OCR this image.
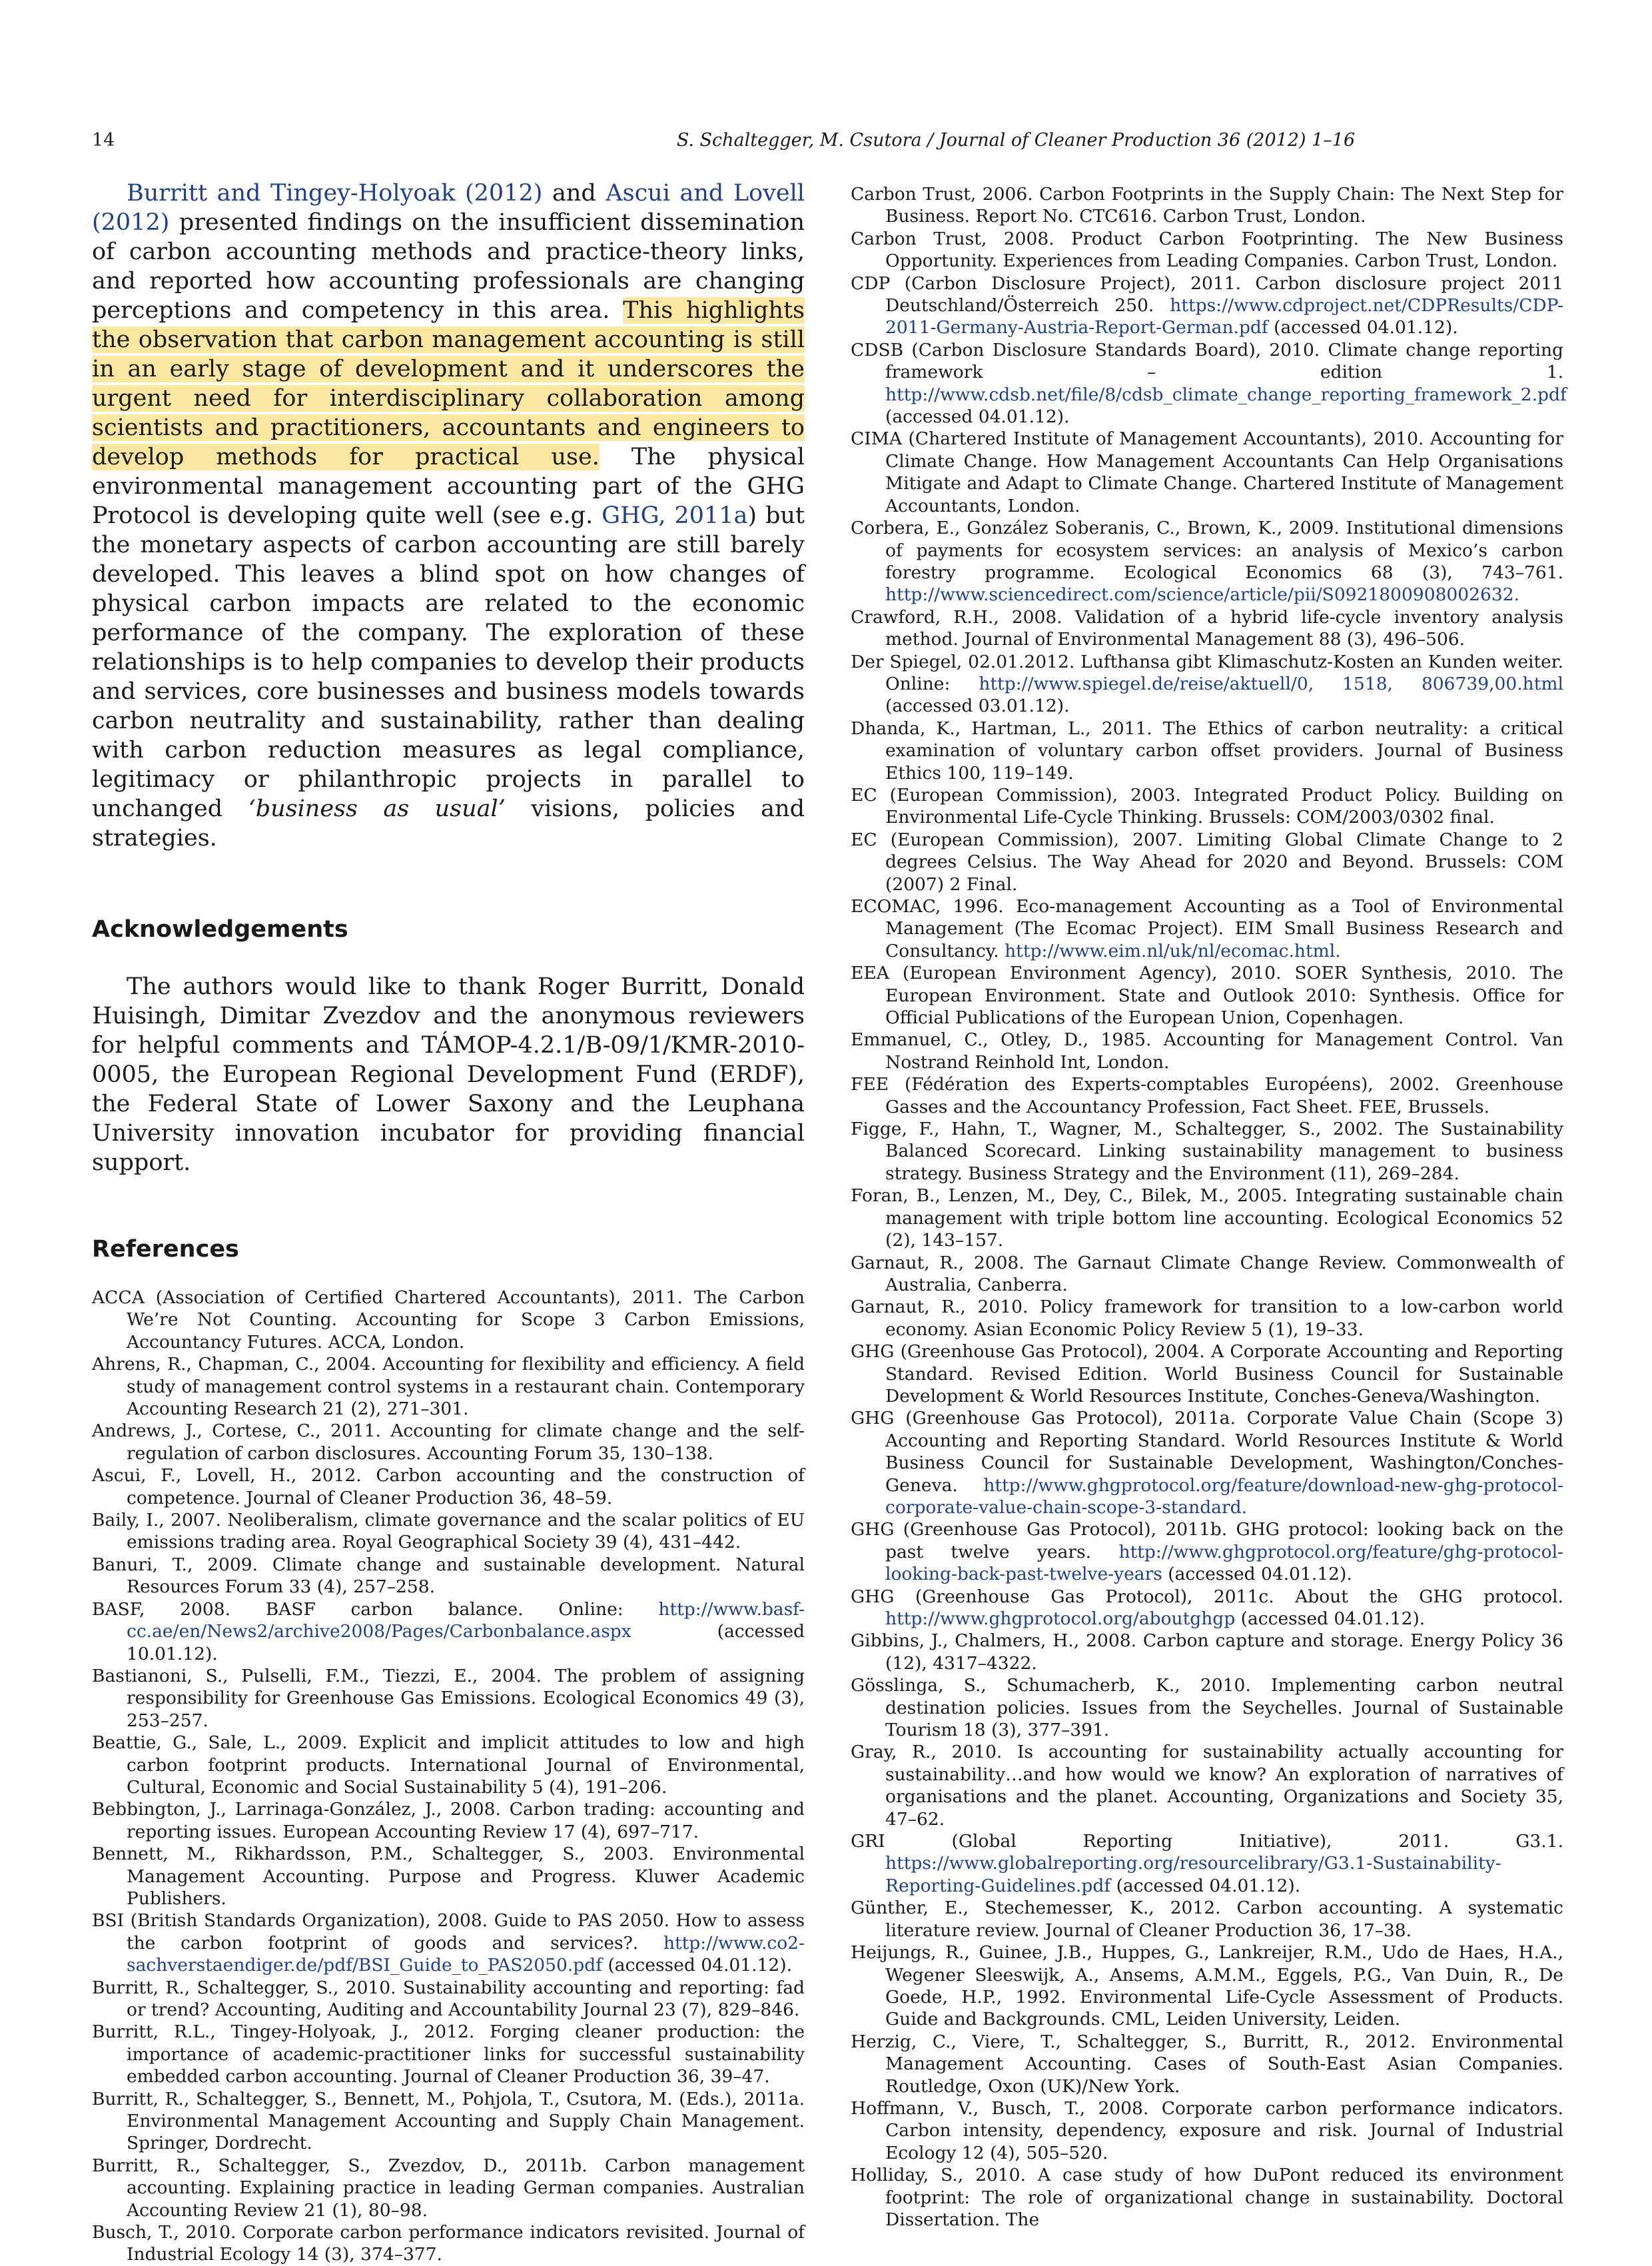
14	S. Schaltegger, M. Csutora / Journal of Cleaner Production 36 (2012) 1–16

Burritt and Tingey-Holyoak (2012) and Ascui and Lovell (2012) presented findings on the insufficient dissemination of carbon accounting methods and practice-theory links, and reported how accounting professionals are changing perceptions and competency in this area. This highlights the observation that carbon management accounting is still in an early stage of development and it underscores the urgent need for interdisciplinary collaboration among scientists and practitioners, accountants and engineers to develop methods for practical use. The physical environmental management accounting part of the GHG Protocol is developing quite well (see e.g. GHG, 2011a) but the monetary aspects of carbon accounting are still barely developed. This leaves a blind spot on how changes of physical carbon impacts are related to the economic performance of the company. The exploration of these relationships is to help companies to develop their products and services, core businesses and business models towards carbon neutrality and sustainability, rather than dealing with carbon reduction measures as legal compliance, legitimacy or philanthropic projects in parallel to unchanged ‘business as usual’ visions, policies and strategies.

Acknowledgements

The authors would like to thank Roger Burritt, Donald Huisingh, Dimitar Zvezdov and the anonymous reviewers for helpful comments and TÁMOP-4.2.1/B-09/1/KMR-2010-0005, the European Regional Development Fund (ERDF), the Federal State of Lower Saxony and the Leuphana University innovation incubator for providing financial support.

References

ACCA (Association of Certified Chartered Accountants), 2011. The Carbon We’re Not Counting. Accounting for Scope 3 Carbon Emissions, Accountancy Futures. ACCA, London.

Ahrens, R., Chapman, C., 2004. Accounting for flexibility and efficiency. A field study of management control systems in a restaurant chain. Contemporary Accounting Research 21 (2), 271–301.

Andrews, J., Cortese, C., 2011. Accounting for climate change and the self-regulation of carbon disclosures. Accounting Forum 35, 130–138.

Ascui, F., Lovell, H., 2012. Carbon accounting and the construction of competence. Journal of Cleaner Production 36, 48–59.

Baily, I., 2007. Neoliberalism, climate governance and the scalar politics of EU emissions trading area. Royal Geographical Society 39 (4), 431–442.

Banuri, T., 2009. Climate change and sustainable development. Natural Resources Forum 33 (4), 257–258.

BASF, 2008. BASF carbon balance. Online: http://www.basf-cc.ae/en/News2/archive2008/Pages/Carbonbalance.aspx (accessed 10.01.12).

Bastianoni, S., Pulselli, F.M., Tiezzi, E., 2004. The problem of assigning responsibility for Greenhouse Gas Emissions. Ecological Economics 49 (3), 253–257.

Beattie, G., Sale, L., 2009. Explicit and implicit attitudes to low and high carbon footprint products. International Journal of Environmental, Cultural, Economic and Social Sustainability 5 (4), 191–206.

Bebbington, J., Larrinaga-González, J., 2008. Carbon trading: accounting and reporting issues. European Accounting Review 17 (4), 697–717.

Bennett, M., Rikhardsson, P.M., Schaltegger, S., 2003. Environmental Management Accounting. Purpose and Progress. Kluwer Academic Publishers.

BSI (British Standards Organization), 2008. Guide to PAS 2050. How to assess the carbon footprint of goods and services?. http://www.co2-sachverstaendiger.de/pdf/BSI_Guide_to_PAS2050.pdf (accessed 04.01.12).

Burritt, R., Schaltegger, S., 2010. Sustainability accounting and reporting: fad or trend? Accounting, Auditing and Accountability Journal 23 (7), 829–846.

Burritt, R.L., Tingey-Holyoak, J., 2012. Forging cleaner production: the importance of academic-practitioner links for successful sustainability embedded carbon accounting. Journal of Cleaner Production 36, 39–47.

Burritt, R., Schaltegger, S., Bennett, M., Pohjola, T., Csutora, M. (Eds.), 2011a. Environmental Management Accounting and Supply Chain Management. Springer, Dordrecht.

Burritt, R., Schaltegger, S., Zvezdov, D., 2011b. Carbon management accounting. Explaining practice in leading German companies. Australian Accounting Review 21 (1), 80–98.

Busch, T., 2010. Corporate carbon performance indicators revisited. Journal of Industrial Ecology 14 (3), 374–377.

Carbon Trust, 2006. Carbon Footprints in the Supply Chain: The Next Step for Business. Report No. CTC616. Carbon Trust, London.

Carbon Trust, 2008. Product Carbon Footprinting. The New Business Opportunity. Experiences from Leading Companies. Carbon Trust, London.

CDP (Carbon Disclosure Project), 2011. Carbon disclosure project 2011 Deutschland/Österreich 250. https://www.cdproject.net/CDPResults/CDP-2011-Germany-Austria-Report-German.pdf (accessed 04.01.12).

CDSB (Carbon Disclosure Standards Board), 2010. Climate change reporting framework – edition 1. http://www.cdsb.net/file/8/cdsb_climate_change_reporting_framework_2.pdf (accessed 04.01.12).

CIMA (Chartered Institute of Management Accountants), 2010. Accounting for Climate Change. How Management Accountants Can Help Organisations Mitigate and Adapt to Climate Change. Chartered Institute of Management Accountants, London.

Corbera, E., González Soberanis, C., Brown, K., 2009. Institutional dimensions of payments for ecosystem services: an analysis of Mexico’s carbon forestry programme. Ecological Economics 68 (3), 743–761. http://www.sciencedirect.com/science/article/pii/S0921800908002632.

Crawford, R.H., 2008. Validation of a hybrid life-cycle inventory analysis method. Journal of Environmental Management 88 (3), 496–506.

Der Spiegel, 02.01.2012. Lufthansa gibt Klimaschutz-Kosten an Kunden weiter. Online: http://www.spiegel.de/reise/aktuell/0, 1518, 806739,00.html (accessed 03.01.12).

Dhanda, K., Hartman, L., 2011. The Ethics of carbon neutrality: a critical examination of voluntary carbon offset providers. Journal of Business Ethics 100, 119–149.

EC (European Commission), 2003. Integrated Product Policy. Building on Environmental Life-Cycle Thinking. Brussels: COM/2003/0302 final.

EC (European Commission), 2007. Limiting Global Climate Change to 2 degrees Celsius. The Way Ahead for 2020 and Beyond. Brussels: COM (2007) 2 Final.

ECOMAC, 1996. Eco-management Accounting as a Tool of Environmental Management (The Ecomac Project). EIM Small Business Research and Consultancy. http://www.eim.nl/uk/nl/ecomac.html.

EEA (European Environment Agency), 2010. SOER Synthesis, 2010. The European Environment. State and Outlook 2010: Synthesis. Office for Official Publications of the European Union, Copenhagen.

Emmanuel, C., Otley, D., 1985. Accounting for Management Control. Van Nostrand Reinhold Int, London.

FEE (Fédération des Experts-comptables Européens), 2002. Greenhouse Gasses and the Accountancy Profession, Fact Sheet. FEE, Brussels.

Figge, F., Hahn, T., Wagner, M., Schaltegger, S., 2002. The Sustainability Balanced Scorecard. Linking sustainability management to business strategy. Business Strategy and the Environment (11), 269–284.

Foran, B., Lenzen, M., Dey, C., Bilek, M., 2005. Integrating sustainable chain management with triple bottom line accounting. Ecological Economics 52 (2), 143–157.

Garnaut, R., 2008. The Garnaut Climate Change Review. Commonwealth of Australia, Canberra.

Garnaut, R., 2010. Policy framework for transition to a low-carbon world economy. Asian Economic Policy Review 5 (1), 19–33.

GHG (Greenhouse Gas Protocol), 2004. A Corporate Accounting and Reporting Standard. Revised Edition. World Business Council for Sustainable Development & World Resources Institute, Conches-Geneva/Washington.

GHG (Greenhouse Gas Protocol), 2011a. Corporate Value Chain (Scope 3) Accounting and Reporting Standard. World Resources Institute & World Business Council for Sustainable Development, Washington/Conches-Geneva. http://www.ghgprotocol.org/feature/download-new-ghg-protocol-corporate-value-chain-scope-3-standard.

GHG (Greenhouse Gas Protocol), 2011b. GHG protocol: looking back on the past twelve years. http://www.ghgprotocol.org/feature/ghg-protocol-looking-back-past-twelve-years (accessed 04.01.12).

GHG (Greenhouse Gas Protocol), 2011c. About the GHG protocol. http://www.ghgprotocol.org/aboutghgp (accessed 04.01.12).

Gibbins, J., Chalmers, H., 2008. Carbon capture and storage. Energy Policy 36 (12), 4317–4322.

Gösslinga, S., Schumacherb, K., 2010. Implementing carbon neutral destination policies. Issues from the Seychelles. Journal of Sustainable Tourism 18 (3), 377–391.

Gray, R., 2010. Is accounting for sustainability actually accounting for sustainability…and how would we know? An exploration of narratives of organisations and the planet. Accounting, Organizations and Society 35, 47–62.

GRI (Global Reporting Initiative), 2011. G3.1. https://www.globalreporting.org/resourcelibrary/G3.1-Sustainability-Reporting-Guidelines.pdf (accessed 04.01.12).

Günther, E., Stechemesser, K., 2012. Carbon accounting. A systematic literature review. Journal of Cleaner Production 36, 17–38.

Heijungs, R., Guinee, J.B., Huppes, G., Lankreijer, R.M., Udo de Haes, H.A., Wegener Sleeswijk, A., Ansems, A.M.M., Eggels, P.G., Van Duin, R., De Goede, H.P., 1992. Environmental Life-Cycle Assessment of Products. Guide and Backgrounds. CML, Leiden University, Leiden.

Herzig, C., Viere, T., Schaltegger, S., Burritt, R., 2012. Environmental Management Accounting. Cases of South-East Asian Companies. Routledge, Oxon (UK)/New York.

Hoffmann, V., Busch, T., 2008. Corporate carbon performance indicators. Carbon intensity, dependency, exposure and risk. Journal of Industrial Ecology 12 (4), 505–520.

Holliday, S., 2010. A case study of how DuPont reduced its environment footprint: The role of organizational change in sustainability. Doctoral Dissertation. The
